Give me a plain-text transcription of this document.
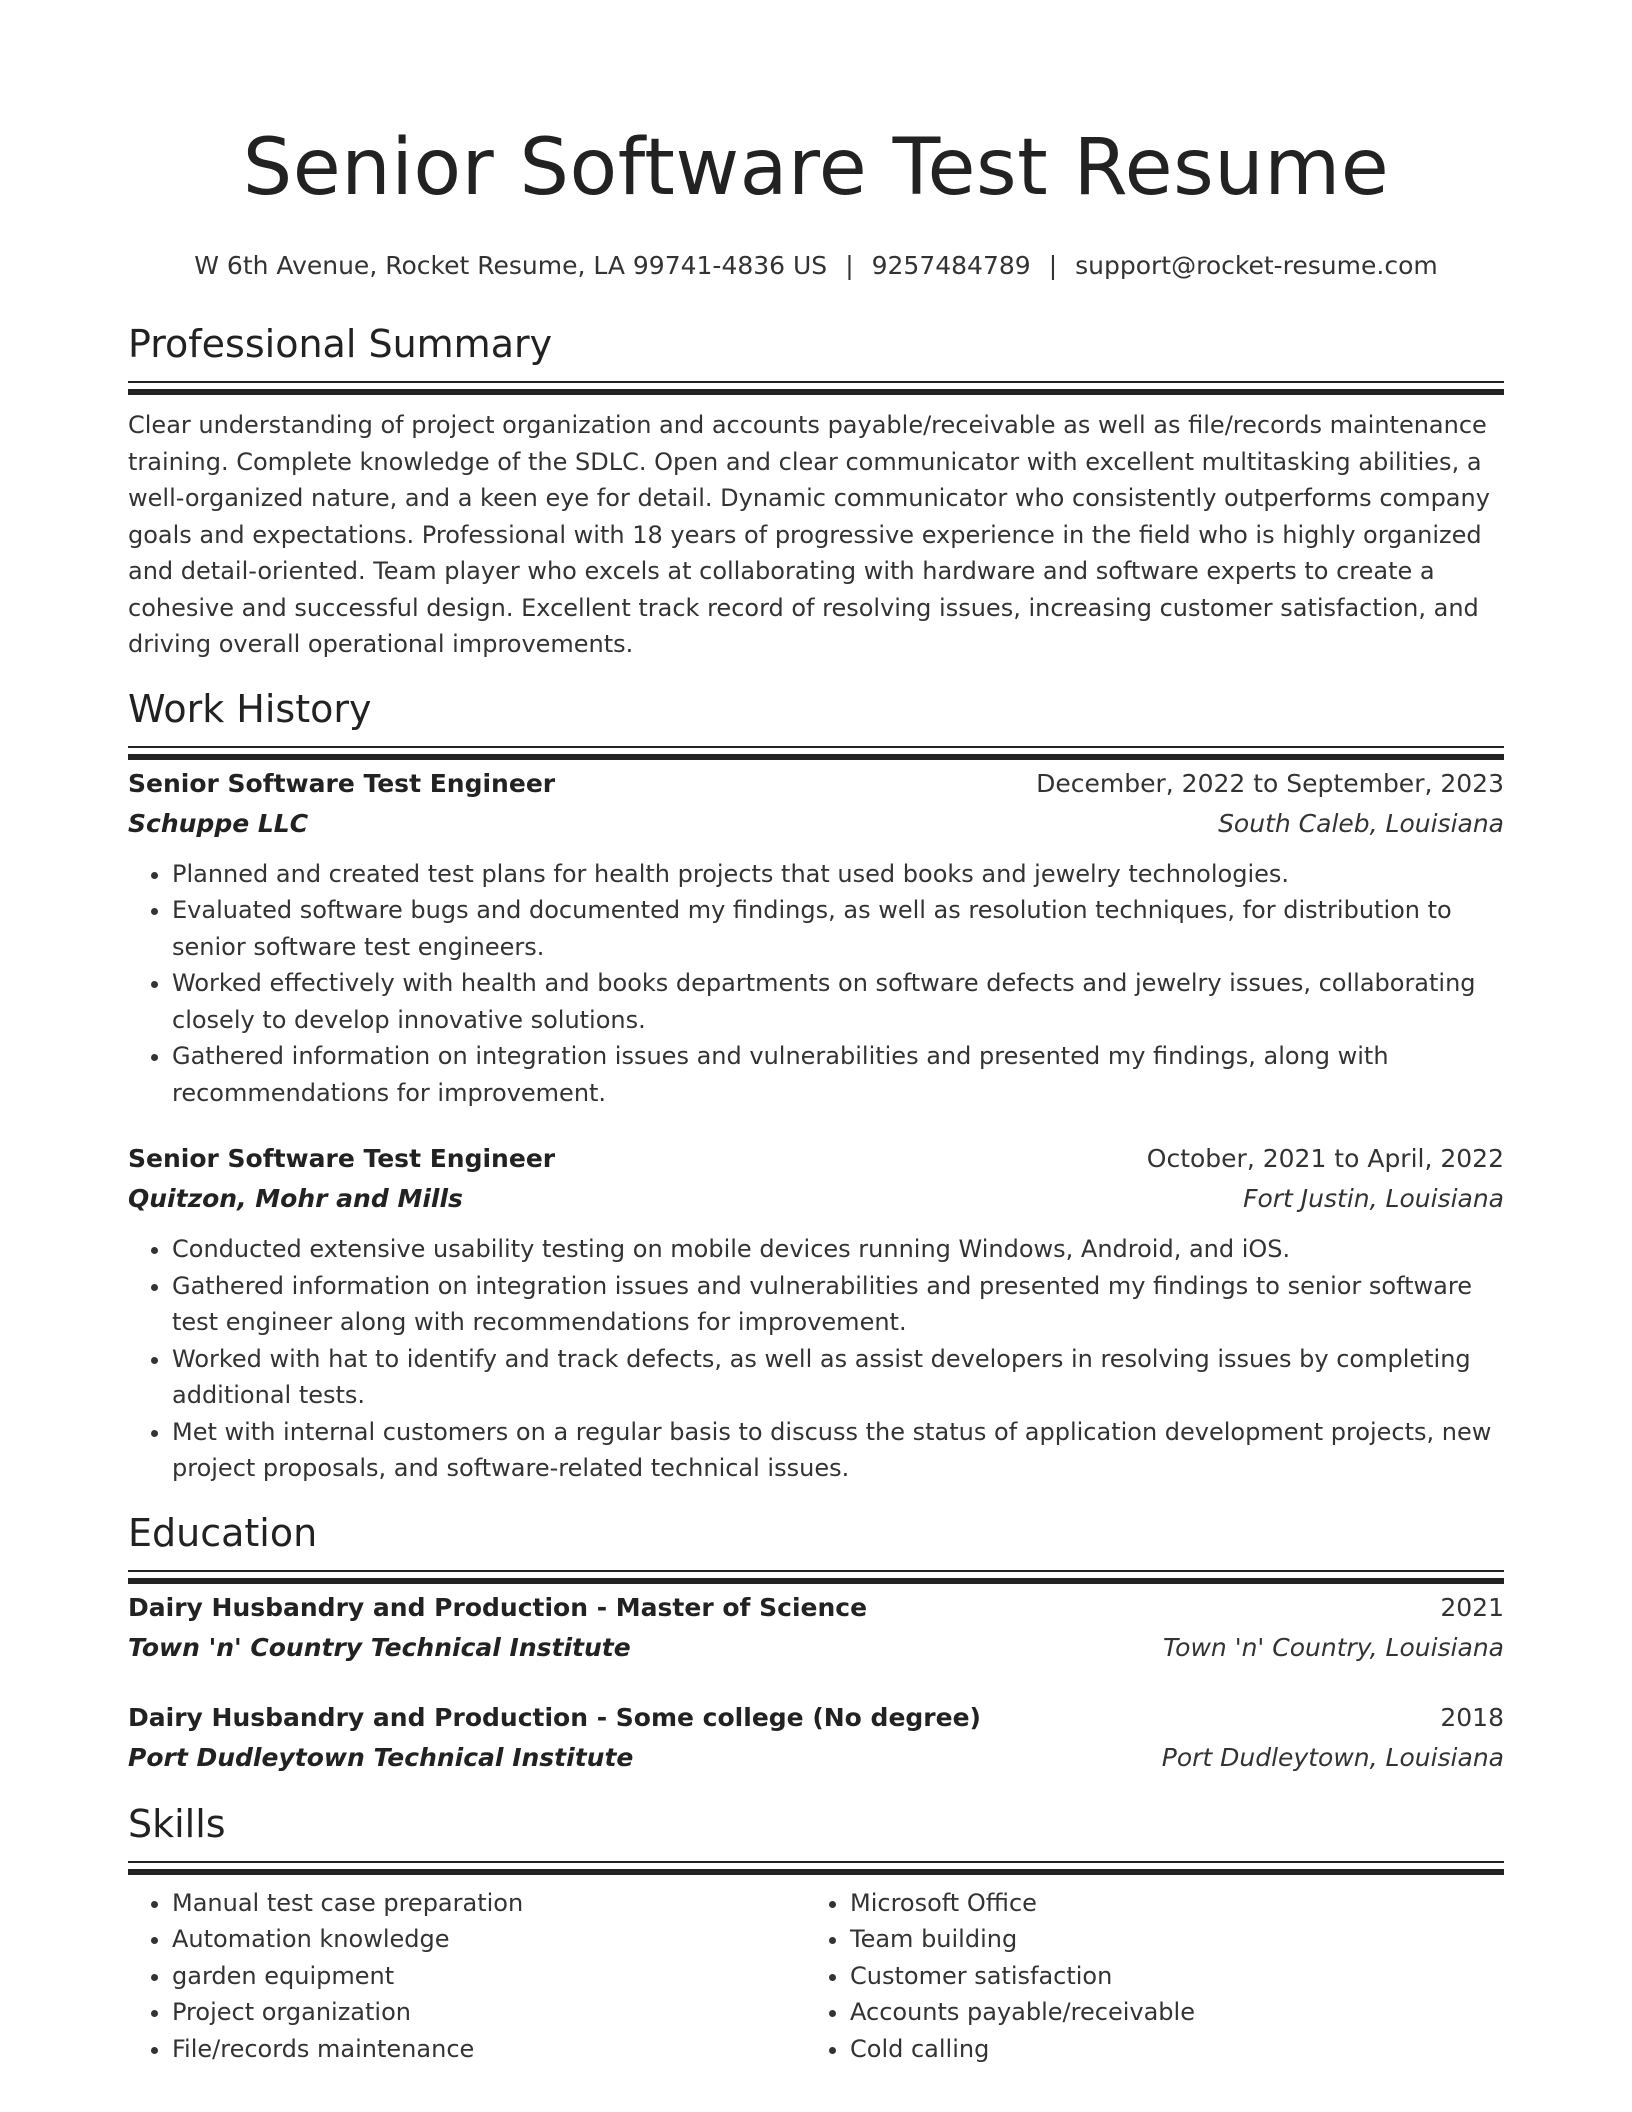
Senior Software Test Resume
W 6th Avenue, Rocket Resume, LA 99741-4836 US | 9257484789 | support@rocket-resume.com
Professional Summary

Clear understanding of project organization and accounts payable/receivable as well as file/records maintenance training. Complete knowledge of the SDLC. Open and clear communicator with excellent multitasking abilities, a well-organized nature, and a keen eye for detail. Dynamic communicator who consistently outperforms company goals and expectations. Professional with 18 years of progressive experience in the field who is highly organized and detail-oriented. Team player who excels at collaborating with hardware and software experts to create a cohesive and successful design. Excellent track record of resolving issues, increasing customer satisfaction, and driving overall operational improvements.

Work History
Senior Software Test Engineer	December, 2022 to September, 2023
Schuppe LLC	South Caleb, Louisiana
• Planned and created test plans for health projects that used books and jewelry technologies.
• Evaluated software bugs and documented my findings, as well as resolution techniques, for distribution to senior software test engineers.
• Worked effectively with health and books departments on software defects and jewelry issues, collaborating closely to develop innovative solutions.
• Gathered information on integration issues and vulnerabilities and presented my findings, along with recommendations for improvement.
Senior Software Test Engineer	October, 2021 to April, 2022
Quitzon, Mohr and Mills	Fort Justin, Louisiana
• Conducted extensive usability testing on mobile devices running Windows, Android, and iOS.
• Gathered information on integration issues and vulnerabilities and presented my findings to senior software test engineer along with recommendations for improvement.
• Worked with hat to identify and track defects, as well as assist developers in resolving issues by completing additional tests.
• Met with internal customers on a regular basis to discuss the status of application development projects, new project proposals, and software-related technical issues.
Education
Dairy Husbandry and Production - Master of Science	2021
Town 'n' Country Technical Institute	Town 'n' Country, Louisiana
Dairy Husbandry and Production - Some college (No degree)	2018
Port Dudleytown Technical Institute	Port Dudleytown, Louisiana
Skills
• Manual test case preparation
• Automation knowledge
• garden equipment
• Project organization
• File/records maintenance
• Microsoft Office
• Team building
• Customer satisfaction
• Accounts payable/receivable
• Cold calling
